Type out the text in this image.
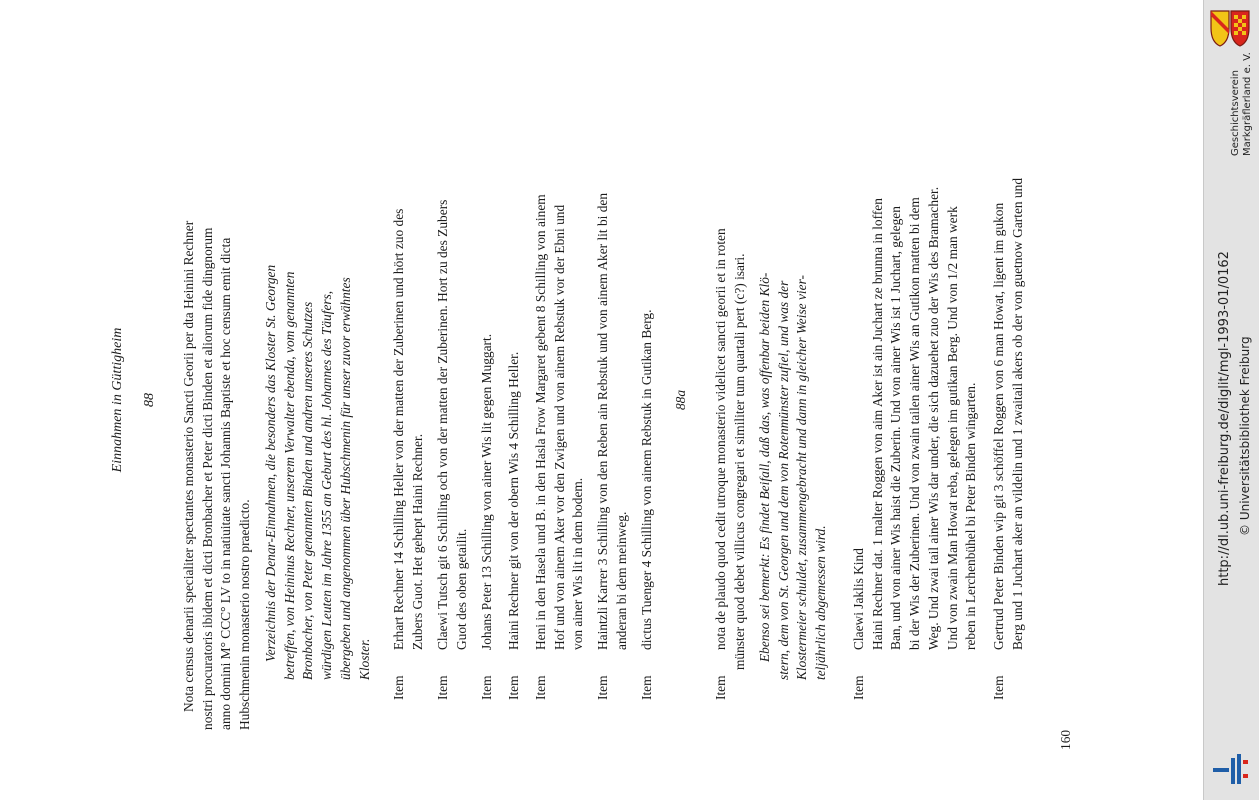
Einnahmen in Güttigheim 88 Nota census denarii specialiter spectantes monasterio Sancti Georii per dta Heinini Rechner nostri procuratoris ibidem et dicti Bronbacher et Peter dicti Binden et aliorum fide dingnorum anno domini M° CCC° LV to in natiuitate sancti Johannis Baptiste et hoc censum emit dicta Hubschmenin monasterio nostro praedicto. Verzeichnis der Denar-Einnahmen, die besonders das Kloster St. Georgen betreffen, von Heininus Rechner, unserem Verwalter ebenda, vom genannten Bronbacher, von Peter genannten Binden und andren unseres Schutzes würdigen Leuten im Jahre 1355 an Geburt des hl. Johannes des Täufers, übergeben und angenommen über Hubschmenin für unser zuvor erwähntes Kloster.
Item
Erhart Rechner 14 Schilling Heller von der matten der Zuberinen und hört zuo des Zubers Guot. Het gehept Haini Rechner.
Item
Claewi Tutsch git 6 Schilling och von der matten der Zuberinen. Hort zu des Zubers Guot des oben getailit.
Item
Johans Peter 13 Schilling von ainer Wis lit gegen Muggart.
Item
Haini Rechner git von der obern Wis 4 Schilling Heller.
Item
Heni in den Hasela und B. in den Hasla Frow Margaret gebent 8 Schilling von ainem Hof und von ainem Aker vor den Zwigen und von ainem Rebstuk vor der Ebni und von ainer Wis lit in dem bodem.
Item
Haintzli Karrer 3 Schilling von den Reben ain Rebstuk und von ainem Aker lit bi den anderan bi dem meinweg.
Item
dictus Tuenger 4 Schilling von ainem Rebstuk in Gutikan Berg. 88a
Item
nota de plaudo quod cedit utroque monasterio videlicet sancti georii et in roten münster quod debet villicus congregari et similiter tum quartali pert (c?) isari. Ebenso sei bemerkt: Es findet Beifall, daß das, was offenbar beiden Klö- stern, dem von St. Georgen und dem von Rotenmünster zufiel, und was der Klostermeier schuldet, zusammengebracht und dann in gleicher Weise vier- teljährlich abgemessen wird.
Item
Claewi Jaklis Kind Haini Rechner dat. 1 malter Roggen von aim Aker ist ain Juchart ze brunna in loffen Ban, und von ainer Wis haist die Zuberin. Und von ainer Wis ist 1 Juchart, gelegen bi der Wis der Zuberinen. Und von zwain tailen ainer Wis an Gutikon matten bi dem Weg. Und zwai tail ainer Wis dar under, die sich dazuehet zuo der Wis des Bramacher. Und von zwain Man Howat reba, gelegen im gutikan Berg. Und von 1/2 man werk reben in Lerchenbühel bi Peter Binden wingarten.
Item
Gertrud Peter Binden wip git 3 schöffel Roggen von 6 man Howat, ligent im gukon Berg und 1 Juchart aker an vildelin und 1 zwaitail akers ob der von guetnow Garten und
160
Geschichtsverein Markgräflerland e. V.
http://dl.ub.uni-freiburg.de/diglit/mgl-1993-01/0162 © Universitätsbibliothek Freiburg
